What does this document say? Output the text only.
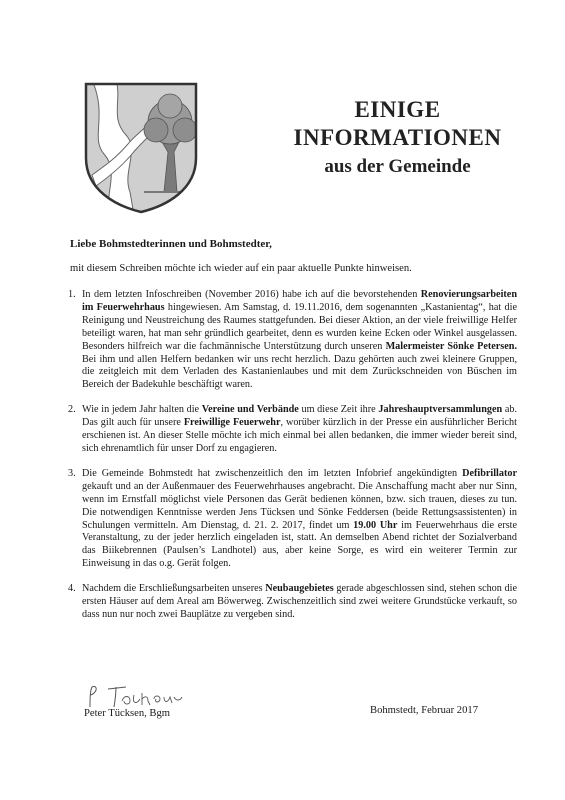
EINIGE
INFORMATIONEN
aus der Gemeinde
Liebe Bohmstedterinnen und Bohmstedter,
mit diesem Schreiben möchte ich wieder auf ein paar aktuelle Punkte hinweisen.
1. In dem letzten Infoschreiben (November 2016) habe ich auf die bevorstehenden Renovierungsarbeiten im Feuerwehrhaus hingewiesen. Am Samstag, d. 19.11.2016, dem sogenannten „Kastanientag“, hat die Reinigung und Neustreichung des Raumes stattgefunden. Bei dieser Aktion, an der viele freiwillige Helfer beteiligt waren, hat man sehr gründlich gearbeitet, denn es wurden keine Ecken oder Winkel ausgelassen. Besonders hilfreich war die fachmännische Unterstützung durch unseren Malermeister Sönke Petersen. Bei ihm und allen Helfern bedanken wir uns recht herzlich. Dazu gehörten auch zwei kleinere Gruppen, die zeitgleich mit dem Verladen des Kastanienlaubes und mit dem Zurückschneiden von Büschen im Bereich der Badekuhle beschäftigt waren.
2. Wie in jedem Jahr halten die Vereine und Verbände um diese Zeit ihre Jahreshauptversammlungen ab. Das gilt auch für unsere Freiwillige Feuerwehr, worüber kürzlich in der Presse ein ausführlicher Bericht erschienen ist. An dieser Stelle möchte ich mich einmal bei allen bedanken, die immer wieder bereit sind, sich ehrenamtlich für unser Dorf zu engagieren.
3. Die Gemeinde Bohmstedt hat zwischenzeitlich den im letzten Infobrief angekündigten Defibrillator gekauft und an der Außenmauer des Feuerwehrhauses angebracht. Die Anschaffung macht aber nur Sinn, wenn im Ernstfall möglichst viele Personen das Gerät bedienen können, bzw. sich trauen, dieses zu tun. Die notwendigen Kenntnisse werden Jens Tücksen und Sönke Feddersen (beide Rettungsassistenten) in Schulungen vermitteln. Am Dienstag, d. 21. 2. 2017, findet um 19.00 Uhr im Feuerwehrhaus die erste Veranstaltung, zu der jeder herzlich eingeladen ist, statt. An demselben Abend richtet der Sozialverband das Biikebrennen (Paulsen’s Landhotel) aus, aber keine Sorge, es wird ein weiterer Termin zur Einweisung in das o.g. Gerät folgen.
4. Nachdem die Erschließungsarbeiten unseres Neubaugebietes gerade abgeschlossen sind, stehen schon die ersten Häuser auf dem Areal am Böwerweg. Zwischenzeitlich sind zwei weitere Grundstücke verkauft, so dass nun nur noch zwei Bauplätze zu vergeben sind.
Peter Tücksen, Bgm	Bohmstedt, Februar 2017
